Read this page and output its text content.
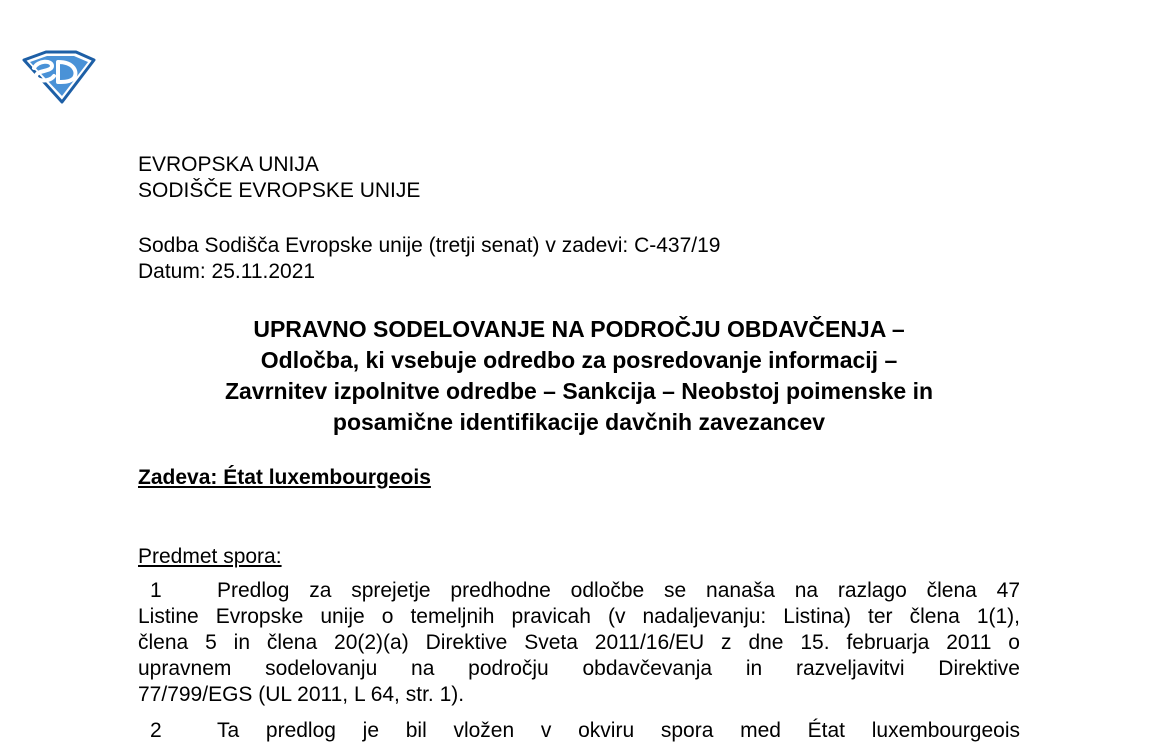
EVROPSKA UNIJA
SODIŠČE EVROPSKE UNIJE
Sodba Sodišča Evropske unije (tretji senat) v zadevi: C-437/19
Datum: 25.11.2021
UPRAVNO SODELOVANJE NA PODROČJU OBDAVČENJA –
Odločba, ki vsebuje odredbo za posredovanje informacij –
Zavrnitev izpolnitve odredbe – Sankcija – Neobstoj poimenske in
posamične identifikacije davčnih zavezancev
Zadeva: État luxembourgeois
Predmet spora:
1	Predlog za sprejetje predhodne odločbe se nanaša na razlago člena 47
Listine Evropske unije o temeljnih pravicah (v nadaljevanju: Listina) ter člena 1(1),
člena 5 in člena 20(2)(a) Direktive Sveta 2011/16/EU z dne 15. februarja 2011 o
upravnem sodelovanju na področju obdavčevanja in razveljavitvi Direktive
77/799/EGS (UL 2011, L 64, str. 1).
2	Ta predlog je bil vložen v okviru spora med État luxembourgeois
